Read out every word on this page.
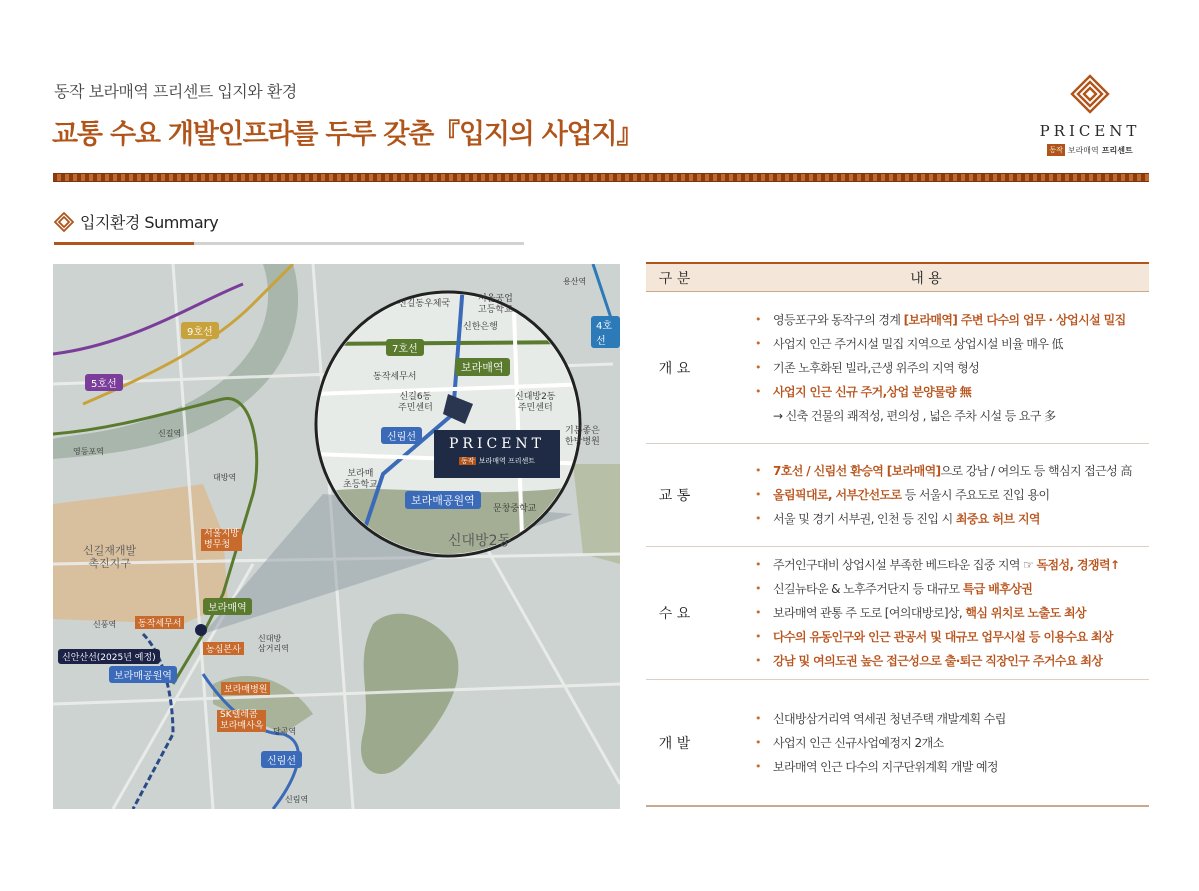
동작 보라매역 프리센트 입지와 환경
교통 수요 개발인프라를 두루 갖춘『입지의 사업지』	PRICENT
동작 보라매역 프리센트
입지환경 Summary
7호선
9호선
5호선
4호선
신림선
신림선
보라매역
보라매역
보라매공원역
보라매공원역
신안산선(2025년 예정)
신길재개발
촉진지구
신대방2동
동작세무서
동작세무서
농심본사
보라매병원
SK텔레콤
보라매사옥
서울지방
병무청
신풍역
대방역
신길역
영등포역
신길동우체국	서울공업
고등학교
신한은행
신길6동
주민센터
신대방2동
주민센터
기분좋은
한방병원
보라매
초등학교
문창중학교
신대방
삼거리역
신림역
당곡역
용산역
PRICENT
동작 보라매역 프리센트
구 분	내 용
개 요
• 영등포구와 동작구의 경계 [보라매역] 주변 다수의 업무 · 상업시설 밀집
• 사업지 인근 주거시설 밀집 지역으로 상업시설 비율 매우 低
• 기존 노후화된 빌라,근생 위주의 지역 형성
• 사업지 인근 신규 주거,상업 분양물량 無
→ 신축 건물의 쾌적성, 편의성 , 넓은 주차 시설 등 요구 多
교 통
• 7호선 / 신림선 환승역 [보라매역]으로 강남 / 여의도 등 핵심지 접근성 高
• 올림픽대로, 서부간선도로 등 서울시 주요도로 진입 용이
• 서울 및 경기 서부권, 인천 등 진입 시 최중요 허브 지역
수 요
• 주거인구대비 상업시설 부족한 베드타운 집중 지역 ☞ 독점성, 경쟁력↑
• 신길뉴타운 & 노후주거단지 등 대규모 특급 배후상권
• 보라매역 관통 주 도로 [여의대방로]상, 핵심 위치로 노출도 최상
• 다수의 유동인구와 인근 관공서 및 대규모 업무시설 등 이용수요 최상
• 강남 및 여의도권 높은 접근성으로 출·퇴근 직장인구 주거수요 최상
개 발
• 신대방삼거리역 역세권 청년주택 개발계획 수립
• 사업지 인근 신규사업예정지 2개소
• 보라매역 인근 다수의 지구단위계획 개발 예정
